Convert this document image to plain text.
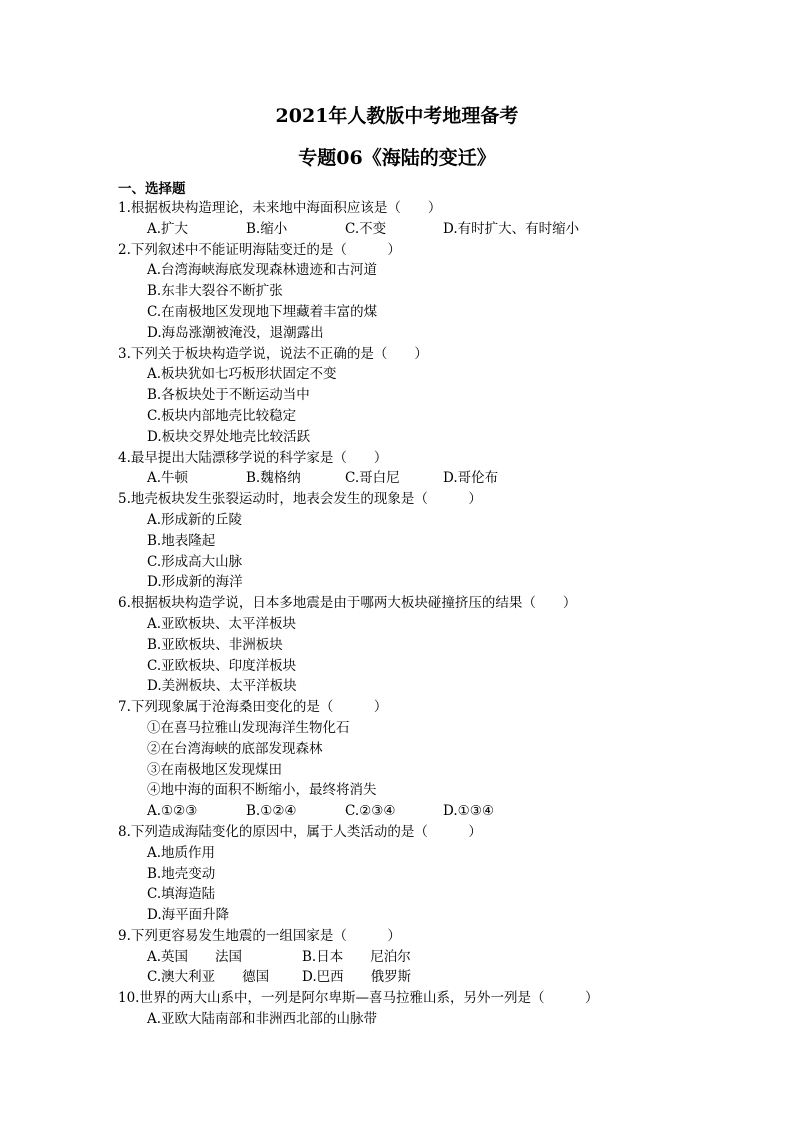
2021年人教版中考地理备考
专题06《海陆的变迁》
一、选择题
1.根据板块构造理论，未来地中海面积应该是（　　）
A.扩大	B.缩小	C.不变	D.有时扩大、有时缩小
2.下列叙述中不能证明海陆变迁的是（　　　）
A.台湾海峡海底发现森林遗迹和古河道
B.东非大裂谷不断扩张
C.在南极地区发现地下埋藏着丰富的煤
D.海岛涨潮被淹没，退潮露出
3.下列关于板块构造学说，说法不正确的是（　　）
A.板块犹如七巧板形状固定不变
B.各板块处于不断运动当中
C.板块内部地壳比较稳定
D.板块交界处地壳比较活跃
4.最早提出大陆漂移学说的科学家是（　　）
A.牛顿	B.魏格纳	C.哥白尼	D.哥伦布
5.地壳板块发生张裂运动时，地表会发生的现象是（　　　）
A.形成新的丘陵
B.地表隆起
C.形成高大山脉
D.形成新的海洋
6.根据板块构造学说，日本多地震是由于哪两大板块碰撞挤压的结果（　　）
A.亚欧板块、太平洋板块
B.亚欧板块、非洲板块
C.亚欧板块、印度洋板块
D.美洲板块、太平洋板块
7.下列现象属于沧海桑田变化的是（　　　）
①在喜马拉雅山发现海洋生物化石
②在台湾海峡的底部发现森林
③在南极地区发现煤田
④地中海的面积不断缩小，最终将消失
A.①②③	B.①②④	C.②③④	D.①③④
8.下列造成海陆变化的原因中，属于人类活动的是（　　　）
A.地质作用
B.地壳变动
C.填海造陆
D.海平面升降
9.下列更容易发生地震的一组国家是（　　　）
A.英国　　法国	B.日本　　尼泊尔
C.澳大利亚　　德国 D.巴西　　俄罗斯
10.世界的两大山系中，一列是阿尔卑斯—喜马拉雅山系，另外一列是（　　　）
A.亚欧大陆南部和非洲西北部的山脉带
